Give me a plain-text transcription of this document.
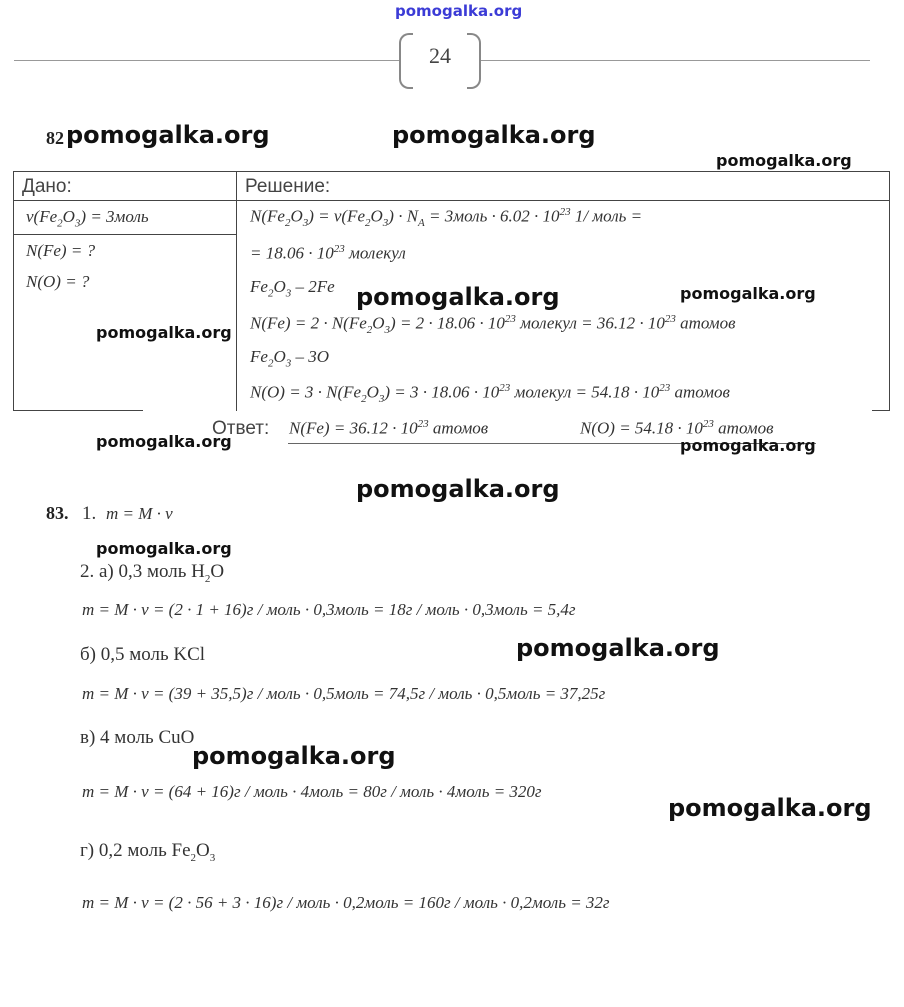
pomogalka.org
24
82 pomogalka.org	pomogalka.org
pomogalka.org
Дано:	Решение:
$\nu(Fe_2O_3)$ = 3моль
N(Fe) = ?
N(O) = ?
pomogalka.org
$N(Fe_2O_3) = \nu(Fe_2O_3) \cdot N_A$ = 3моль · $6.02 \cdot 10^{23}$ 1/ моль =
= $18.06 \cdot 10^{23}$ молекул
$Fe_2O_3 - 2Fe$ pomogalka.org	pomogalka.org
$N(Fe) = 2 \cdot N(Fe_2O_3) = 2 \cdot 18.06 \cdot 10^{23}$ молекул = $36.12 \cdot 10^{23}$ атомов
$Fe_2O_3 - 3O$
$N(O) = 3 \cdot N(Fe_2O_3) = 3 \cdot 18.06 \cdot 10^{23}$ молекул = $54.18 \cdot 10^{23}$ атомов
Ответ: $N(Fe) = 36.12 \cdot 10^{23}$ атомов	$N(O) = 54.18 \cdot 10^{23}$ атомов
pomogalka.org	pomogalka.org
pomogalka.org
83. 1. m = M · ν
pomogalka.org
2. а) 0,3 моль $H_2O$
m = M · ν = (2 · 1 + 16)г / моль · 0,3моль = 18г / моль · 0,3моль = 5,4г
б) 0,5 моль KCl	pomogalka.org
m = M · ν = (39 + 35,5)г / моль · 0,5моль = 74,5г / моль · 0,5моль = 37,25г
в) 4 моль CuO
pomogalka.org
m = M · ν = (64 + 16)г / моль · 4моль = 80г / моль · 4моль = 320г
pomogalka.org
г) 0,2 моль $Fe_2O_3$
m = M · ν = (2 · 56 + 3 · 16)г / моль · 0,2моль = 160г / моль · 0,2моль = 32г
